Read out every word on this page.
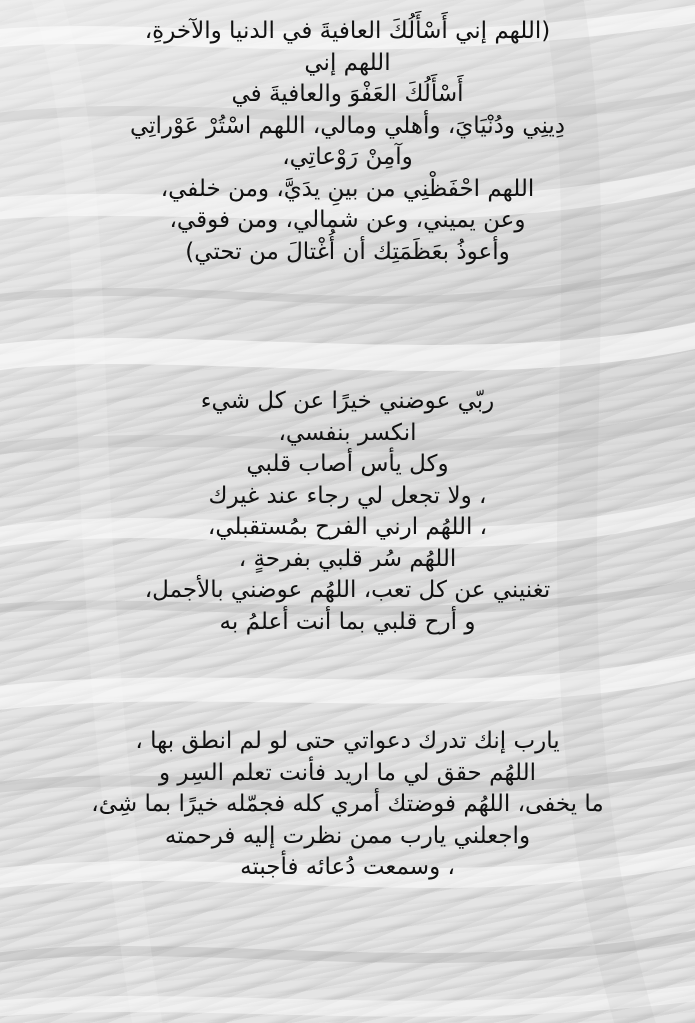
(اللهم إني أَسْأَلُكَ العافيةَ في الدنيا والآخرةِ،
اللهم إني
أَسْأَلُكَ العَفْوَ والعافيةَ في
دِينِي ودُنْيَايَ، وأهلي ومالي، اللهم اسْتُرْ عَوْراتِي
وآمِنْ رَوْعاتِي،
اللهم احْفَظْنِي من بينِ يدَيَّ، ومن خلفي،
وعن يميني، وعن شمالي، ومن فوقي،
وأعوذُ بعَظَمَتِك أن أُغْتالَ من تحتي)
ربّي عوضني خيرًا عن كل شيء
انكسر بنفسي،
وكل يأس أصاب قلبي
، ولا تجعل لي رجاء عند غيرك
، اللهُم ارني الفرح بمُستقبلي،
اللهُم سُر قلبي بفرحةٍ ،
تغنيني عن كل تعب، اللهُم عوضني بالأجمل،
و أرح قلبي بما أنت أعلمُ به
يارب إنك تدرك دعواتي حتى لو لم انطق بها ،
اللهُم حقق لي ما اريد فأنت تعلم السِر و
ما يخفى، اللهُم فوضتك أمري كله فجمّله خيرًا بما شِئ،
واجعلني يارب ممن نظرت إليه فرحمته
، وسمعت دُعائه فأجبته
